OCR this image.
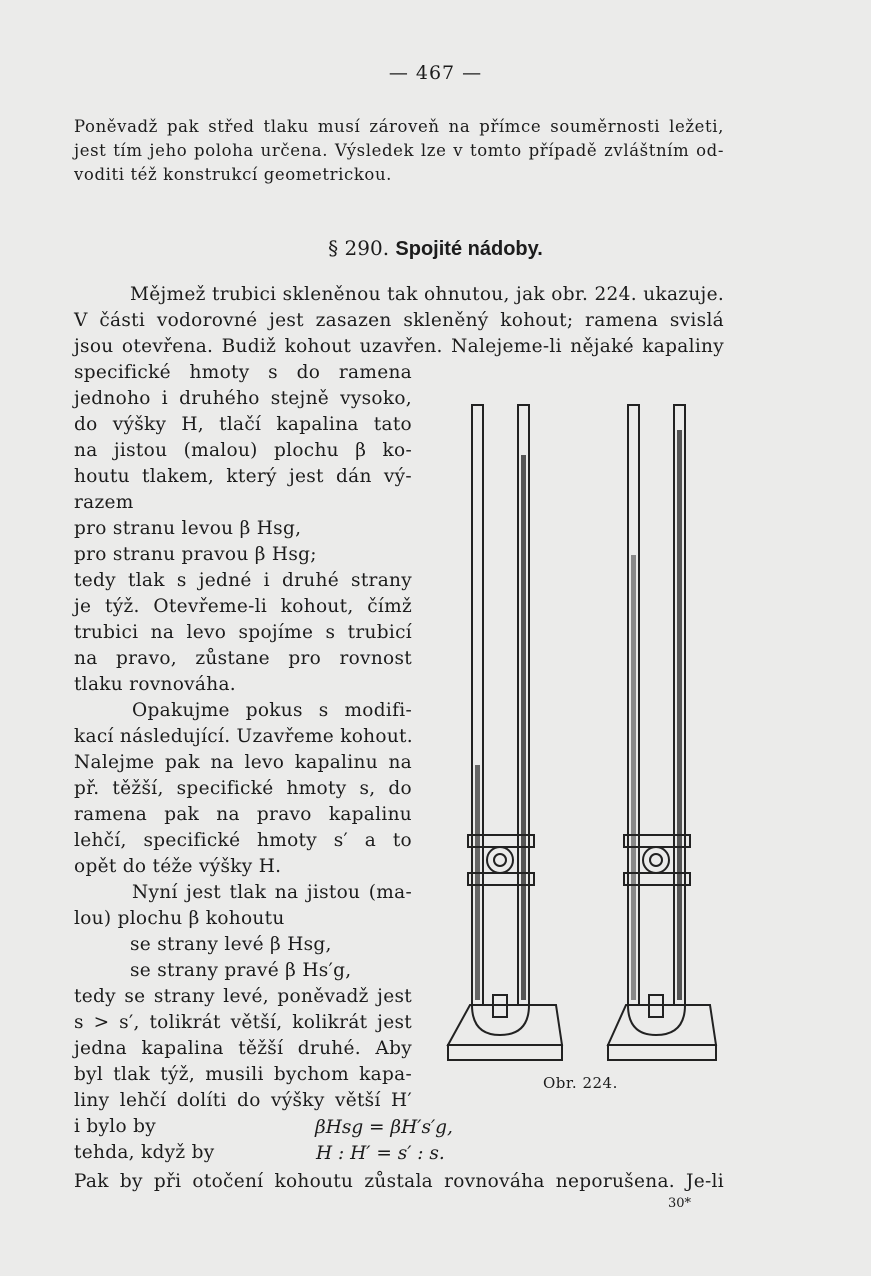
— 467 —
Poněvadž pak střed tlaku musí zároveň na přímce souměrnosti ležeti,
jest tím jeho poloha určena. Výsledek lze v tomto případě zvláštním od-
voditi též konstrukcí geometrickou.
§ 290. Spojité nádoby.
Mějmež trubici skleněnou tak ohnutou, jak obr. 224. ukazuje.
V části vodorovné jest zasazen skleněný kohout; ramena svislá
jsou otevřena. Budiž kohout uzavřen. Nalejeme-li nějaké kapaliny
specifické hmoty s do ramena
jednoho i druhého stejně vysoko,
do výšky H, tlačí kapalina tato
na jistou (malou) plochu β ko-
houtu tlakem, který jest dán vý-
razem
pro stranu levou β Hsg,
pro stranu pravou β Hsg;
tedy tlak s jedné i druhé strany
je týž. Otevřeme-li kohout, čímž
trubici na levo spojíme s trubicí
na pravo, zůstane pro rovnost
tlaku rovnováha.
Opakujme pokus s modifi-
kací následující. Uzavřeme kohout.
Nalejme pak na levo kapalinu na
př. těžší, specifické hmoty s, do
ramena pak na pravo kapalinu
lehčí, specifické hmoty s′ a to
opět do téže výšky H.
Nyní jest tlak na jistou (ma-
lou) plochu β kohoutu
se strany levé β Hsg,
se strany pravé β Hs′g,
tedy se strany levé, poněvadž jest
s > s′, tolikrát větší, kolikrát jest
jedna kapalina těžší druhé. Aby
byl tlak týž, musili bychom kapa-
liny lehčí dolíti do výšky větší H′
i bylo by
tehda, když by
βHsg = βH′s′g,
H : H′ = s′ : s.
Pak by při otočení kohoutu zůstala rovnováha neporušena. Je-li
Obr. 224.
30*
